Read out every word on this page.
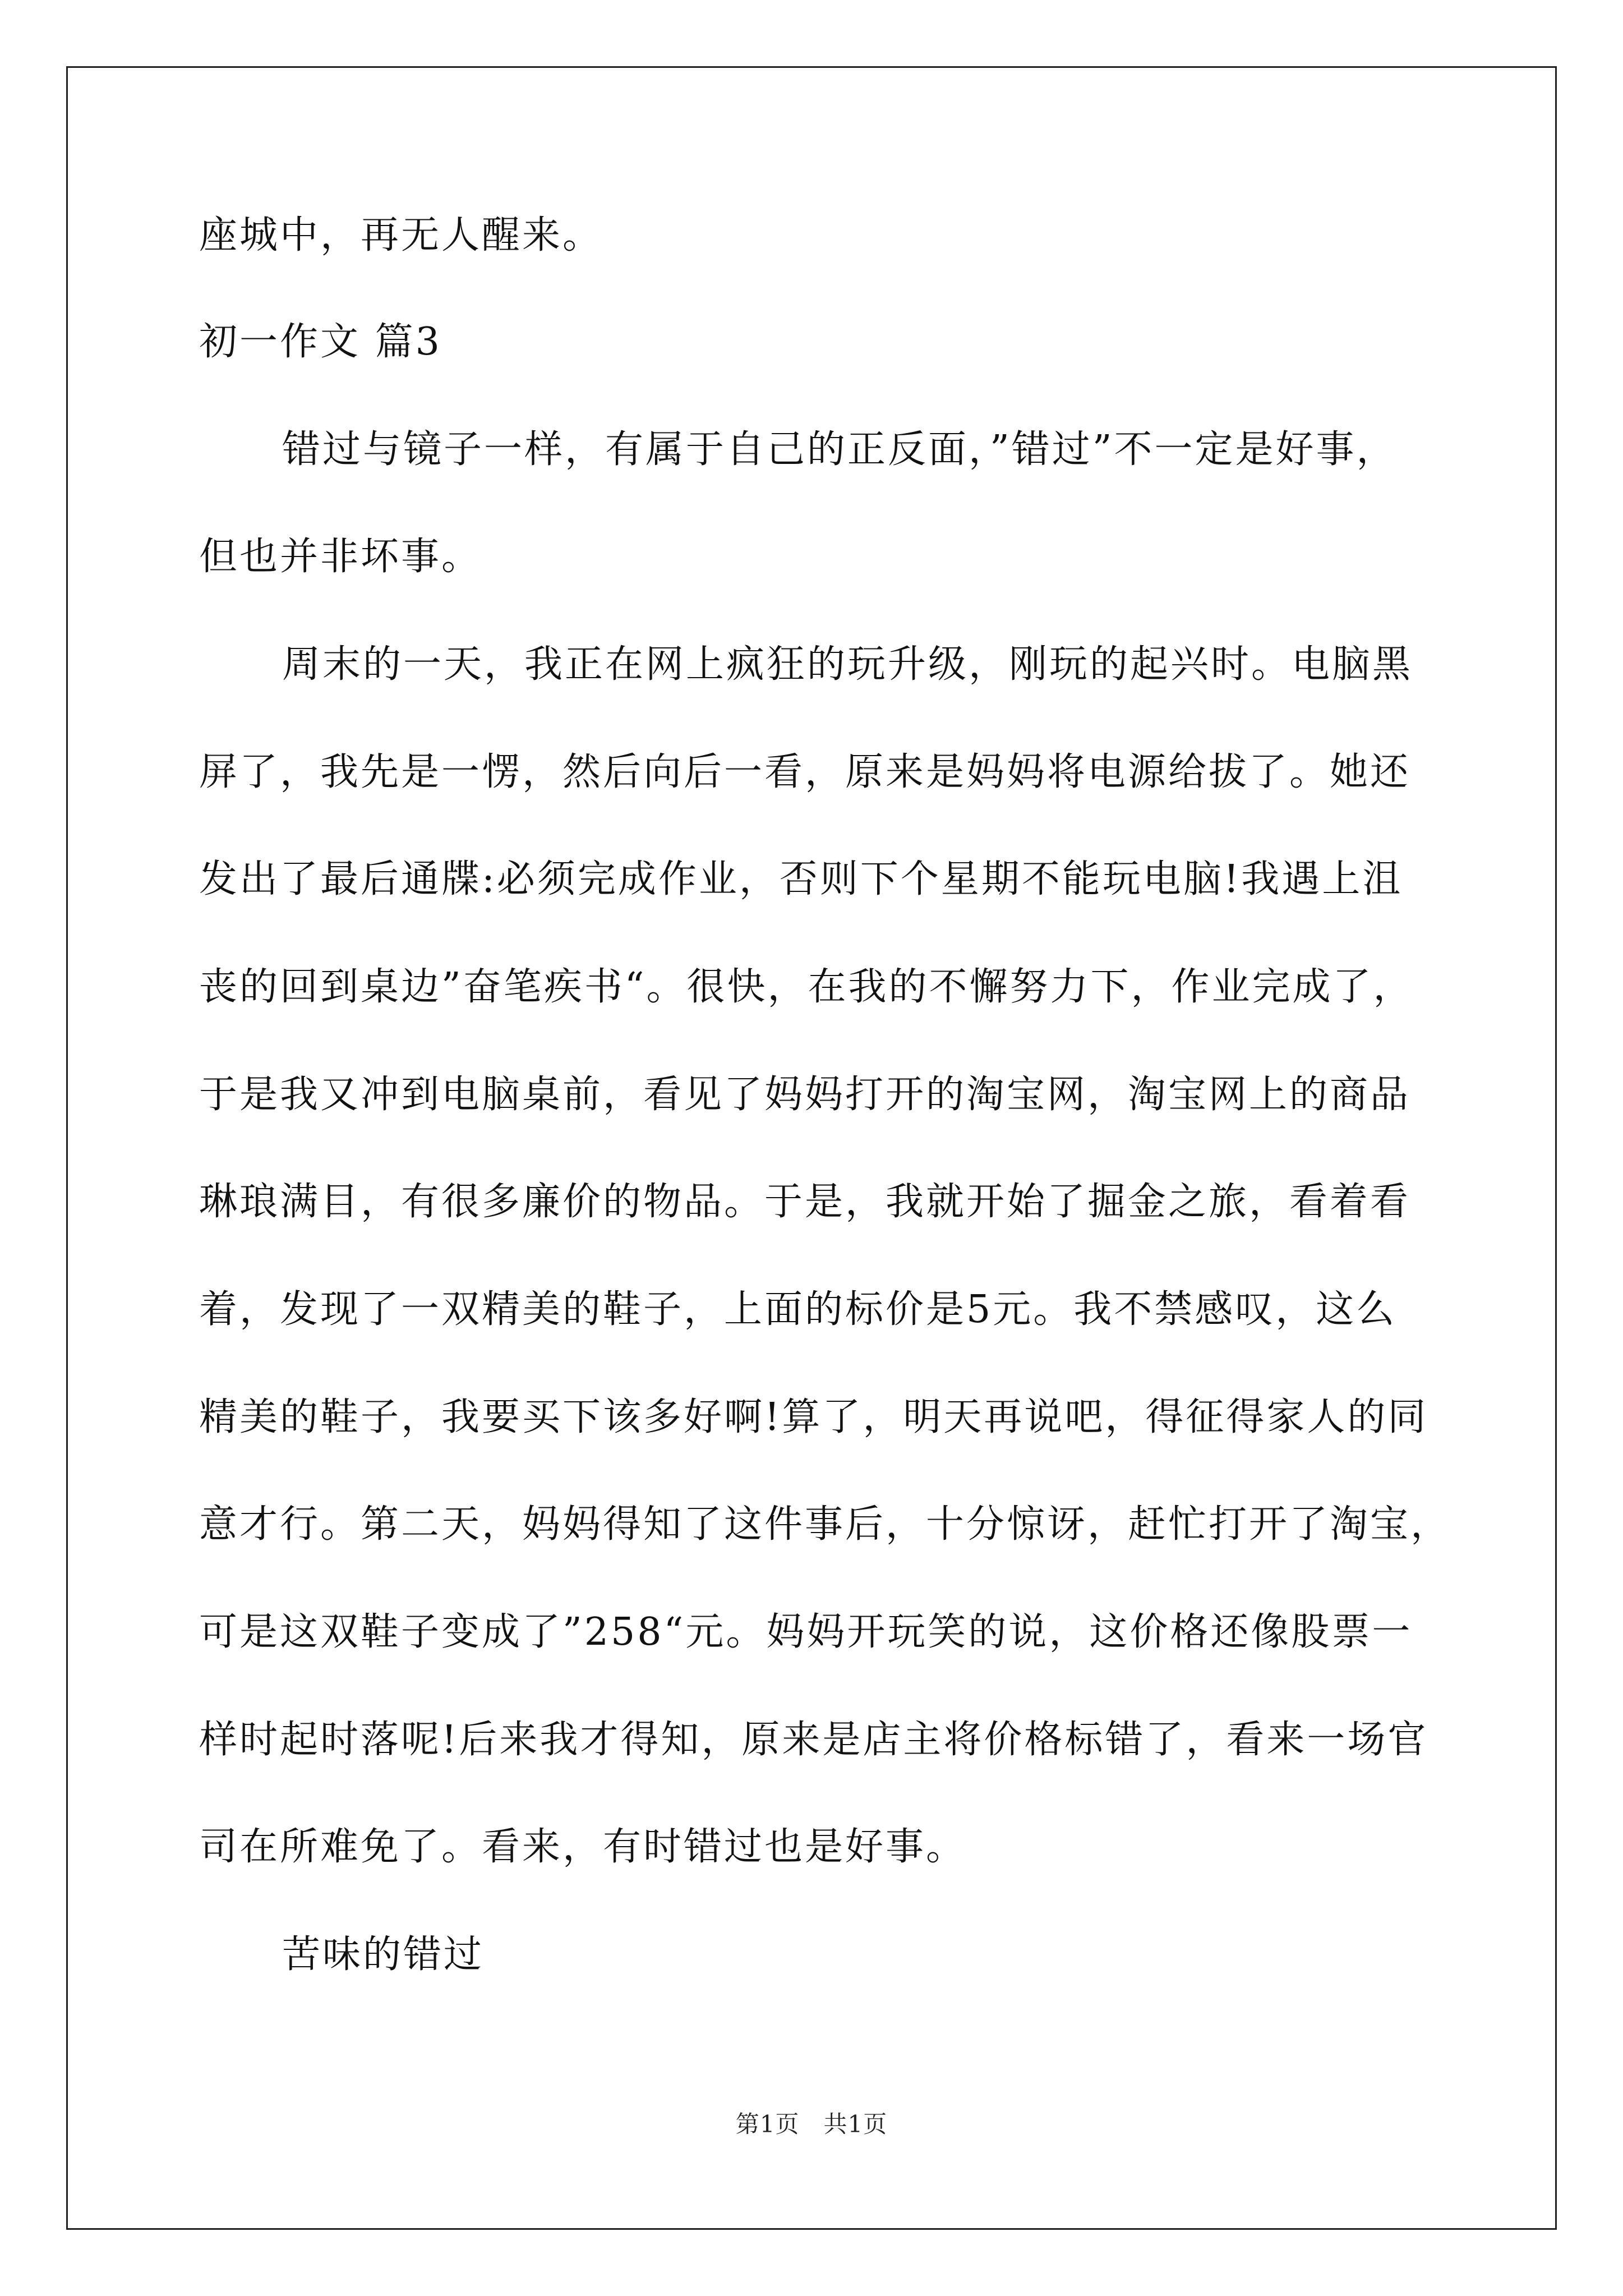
座城中，再无人醒来。
初一作文 篇3
错过与镜子一样，有属于自己的正反面，”错过”不一定是好事，
但也并非坏事。
周末的一天，我正在网上疯狂的玩升级，刚玩的起兴时。电脑黑
屏了，我先是一愣，然后向后一看，原来是妈妈将电源给拔了。她还
发出了最后通牒:必须完成作业，否则下个星期不能玩电脑!我遇上沮
丧的回到桌边”奋笔疾书“。很快，在我的不懈努力下，作业完成了，
于是我又冲到电脑桌前，看见了妈妈打开的淘宝网，淘宝网上的商品
琳琅满目，有很多廉价的物品。于是，我就开始了掘金之旅，看着看
着，发现了一双精美的鞋子，上面的标价是5元。我不禁感叹，这么
精美的鞋子，我要买下该多好啊!算了，明天再说吧，得征得家人的同
意才行。第二天，妈妈得知了这件事后，十分惊讶，赶忙打开了淘宝，
可是这双鞋子变成了”258“元。妈妈开玩笑的说，这价格还像股票一
样时起时落呢!后来我才得知，原来是店主将价格标错了，看来一场官
司在所难免了。看来，有时错过也是好事。
苦味的错过
第1页　共1页
